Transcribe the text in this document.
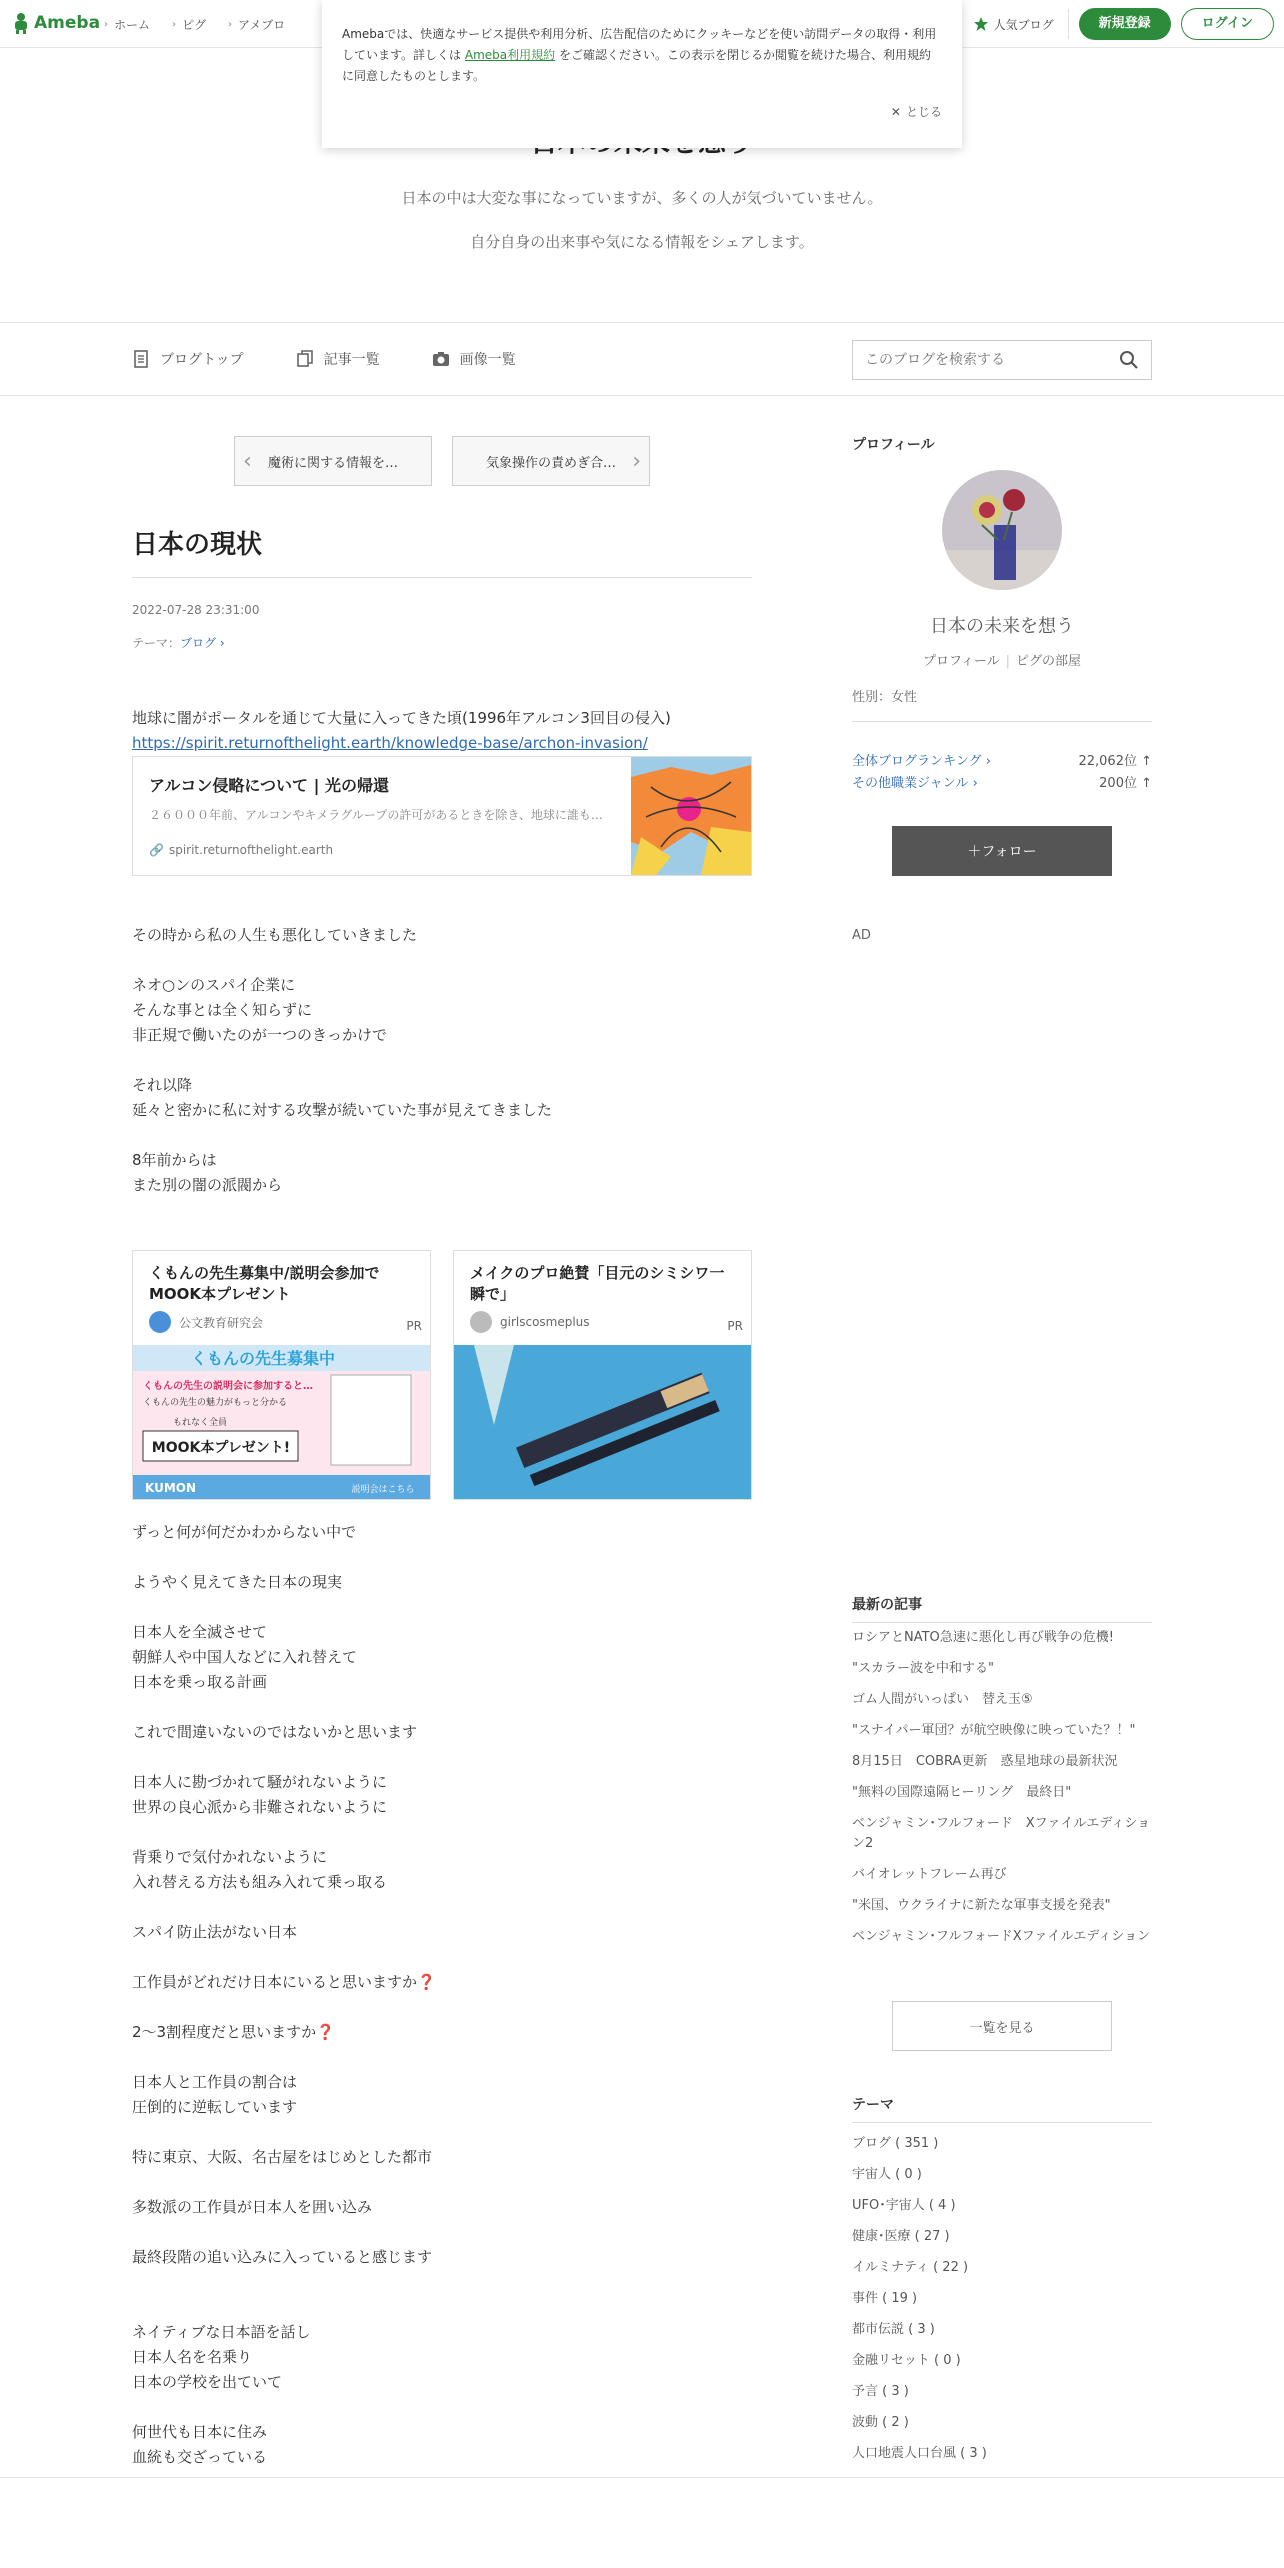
Ameba › ホーム › ピグ › アメブロ	人気ブログ	新規登録	ログイン
Amebaでは、快適なサービス提供や利用分析、広告配信のためにクッキーなどを使い訪問データの取得・利用しています。詳しくは Ameba利用規約 をご確認ください。この表示を閉じるか閲覧を続けた場合、利用規約に同意したものとします。
✕ とじる
日本の中は大変な事になっていますが、多くの人が気づいていません。
自分自身の出来事や気になる情報をシェアします。
ブログトップ	記事一覧	画像一覧
このブログを検索する
‹ 魔術に関する情報を…	気象操作の責めぎ合… ›
日本の現状
2022-07-28 23:31:00
テーマ：ブログ ›
地球に闇がポータルを通じて大量に入ってきた頃(1996年アルコン3回目の侵入)
https://spirit.returnofthelight.earth/knowledge-base/archon-invasion/
アルコン侵略について | 光の帰還
２６０００年前、アルコンやキメラグループの許可があるときを除き、地球に誰も…
🔗 spirit.returnofthelight.earth
その時から私の人生も悪化していきました

ネオ○ンのスパイ企業に
そんな事とは全く知らずに
非正規で働いたのが一つのきっかけで

それ以降
延々と密かに私に対する攻撃が続いていた事が見えてきました

8年前からは
また別の闇の派閥から
くもんの先生募集中/説明会参加でMOOK本プレゼント
公文教育研究会	PR
くもんの先生募集中
くもんの先生の説明会に参加すると…
くもんの先生の魅力がもっと分かる
もれなく全員
MOOK本プレゼント!
KUMON	説明会はこちら
メイクのプロ絶賛「目元のシミシワ一瞬で」
girlscosmeplus	PR
ずっと何が何だかわからない中で

ようやく見えてきた日本の現実

日本人を全滅させて
朝鮮人や中国人などに入れ替えて
日本を乗っ取る計画

これで間違いないのではないかと思います

日本人に勘づかれて騒がれないように
世界の良心派から非難されないように

背乗りで気付かれないように
入れ替える方法も組み入れて乗っ取る

スパイ防止法がない日本

工作員がどれだけ日本にいると思いますか❓

2～3割程度だと思いますか❓

日本人と工作員の割合は
圧倒的に逆転しています

特に東京、大阪、名古屋をはじめとした都市

多数派の工作員が日本人を囲い込み

最終段階の追い込みに入っていると感じます

ネイティブな日本語を話し
日本人名を名乗り
日本の学校を出ていて

何世代も日本に住み
血統も交ざっている
プロフィール
日本の未来を想う
プロフィール | ピグの部屋
性別：女性
全体ブログランキング ›	22,062位 ↑
その他職業ジャンル ›	200位 ↑
＋フォロー
AD
最新の記事
ロシアとNATO急速に悪化し再び戦争の危機!
"スカラー波を中和する"
ゴム人間がいっぱい　替え玉⑤
"スナイパー軍団？が航空映像に映っていた？！"
8月15日　COBRA更新　惑星地球の最新状況
"無料の国際遠隔ヒーリング　最終日"
ベンジャミン･フルフォード　Xファイルエディション2
バイオレットフレーム再び
"米国、ウクライナに新たな軍事支援を発表"
ベンジャミン･フルフォードXファイルエディション
一覧を見る
テーマ
ブログ ( 351 )
宇宙人 ( 0 )
UFO･宇宙人 ( 4 )
健康･医療 ( 27 )
イルミナティ ( 22 )
事件 ( 19 )
都市伝説 ( 3 )
金融リセット ( 0 )
予言 ( 3 )
波動 ( 2 )
人口地震人口台風 ( 3 )
